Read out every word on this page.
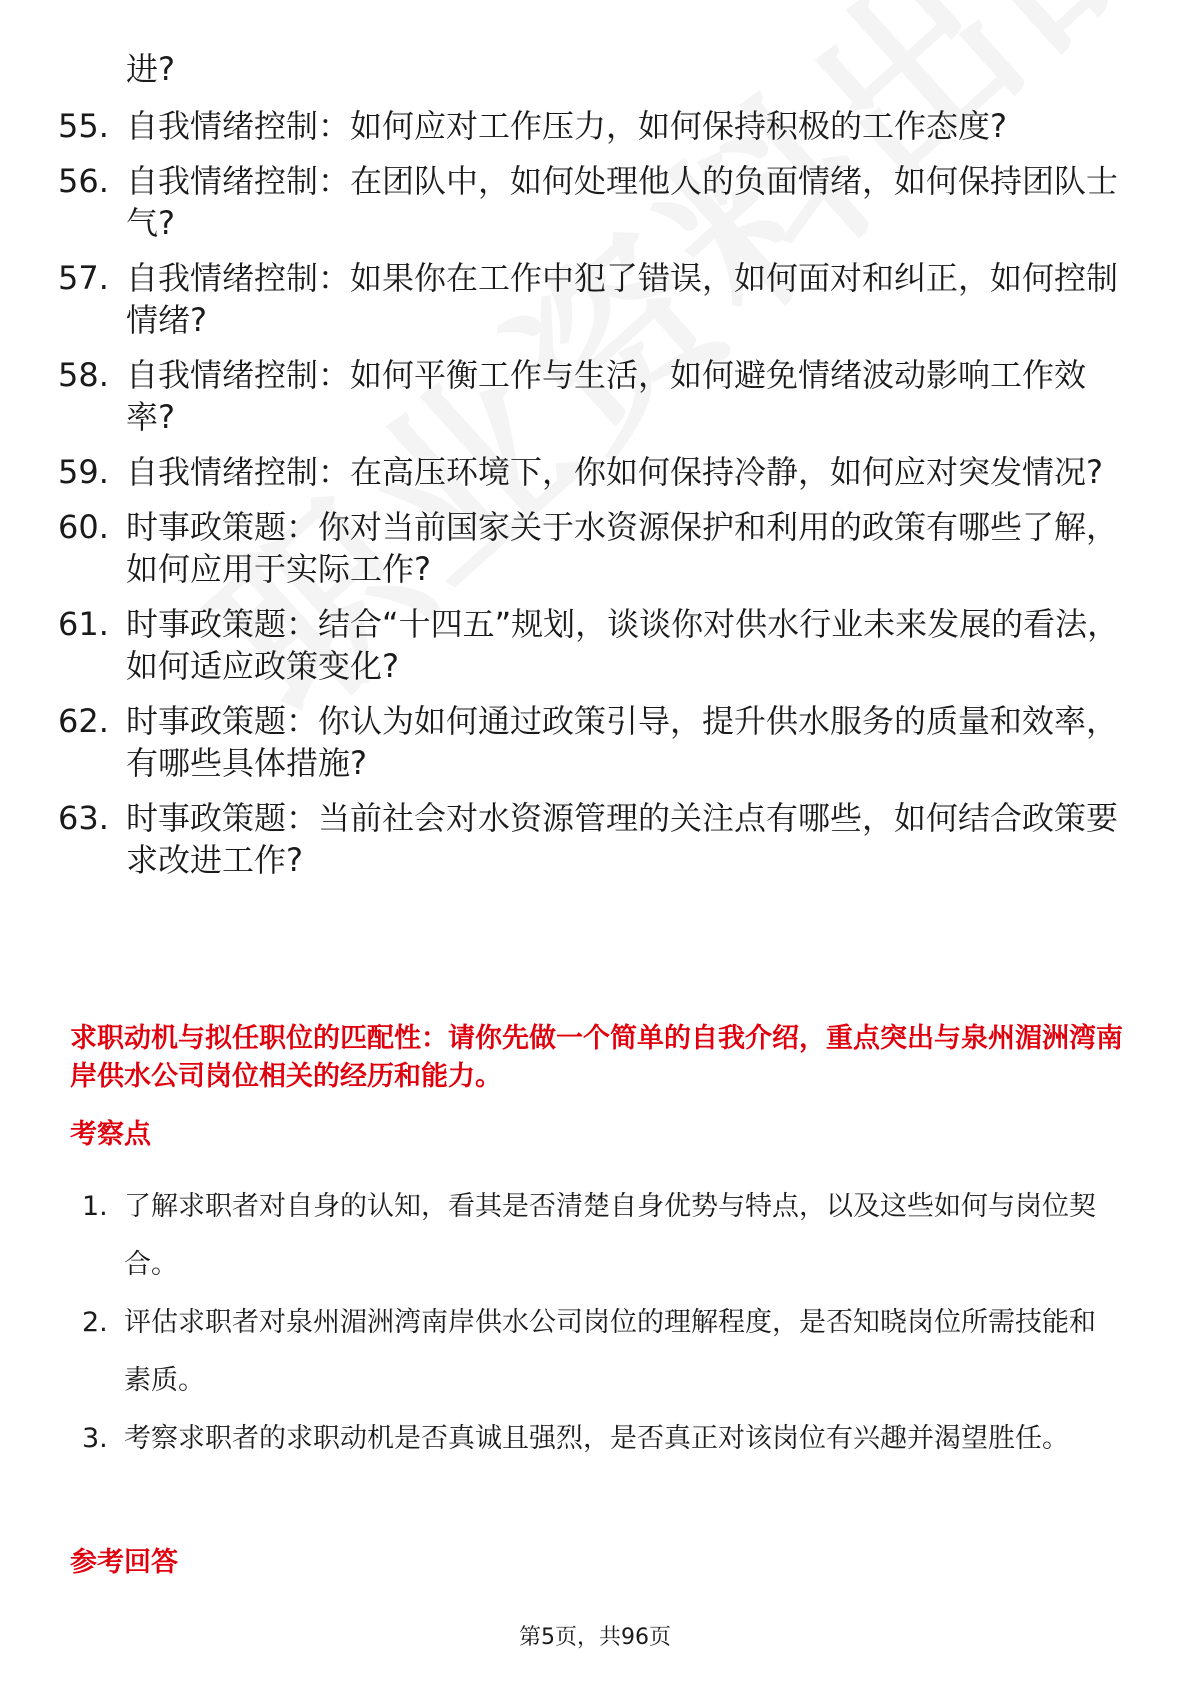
进?
55. 自我情绪控制：如何应对工作压力，如何保持积极的工作态度?
56. 自我情绪控制：在团队中，如何处理他人的负面情绪，如何保持团队士气?
57. 自我情绪控制：如果你在工作中犯了错误，如何面对和纠正，如何控制情绪?
58. 自我情绪控制：如何平衡工作与生活，如何避免情绪波动影响工作效率?
59. 自我情绪控制：在高压环境下，你如何保持冷静，如何应对突发情况?
60. 时事政策题：你对当前国家关于水资源保护和利用的政策有哪些了解，如何应用于实际工作?
61. 时事政策题：结合“十四五”规划，谈谈你对供水行业未来发展的看法，如何适应政策变化?
62. 时事政策题：你认为如何通过政策引导，提升供水服务的质量和效率，有哪些具体措施?
63. 时事政策题：当前社会对水资源管理的关注点有哪些，如何结合政策要求改进工作?
求职动机与拟任职位的匹配性：请你先做一个简单的自我介绍，重点突出与泉州湄洲湾南岸供水公司岗位相关的经历和能力。
考察点
1. 了解求职者对自身的认知，看其是否清楚自身优势与特点，以及这些如何与岗位契合。
2. 评估求职者对泉州湄洲湾南岸供水公司岗位的理解程度，是否知晓岗位所需技能和素质。
3. 考察求职者的求职动机是否真诚且强烈，是否真正对该岗位有兴趣并渴望胜任。
参考回答
第5页，共96页
